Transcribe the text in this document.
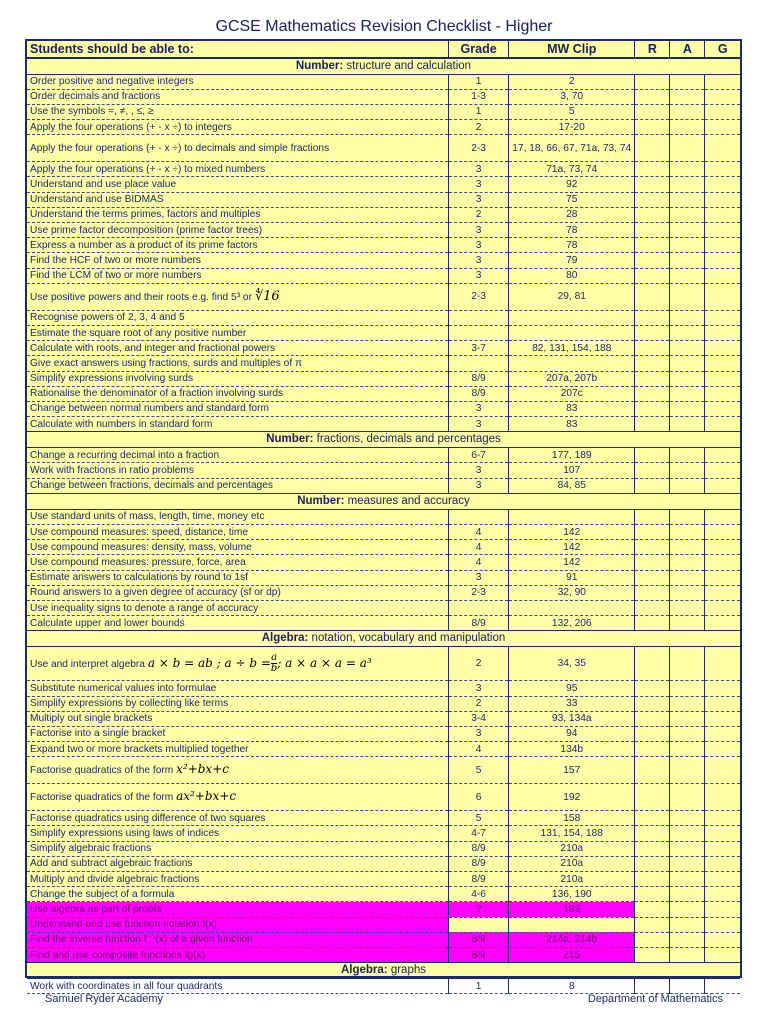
GCSE Mathematics Revision Checklist - Higher
Students should be able to:	Grade	MW Clip	R	A	G
Number: structure and calculation					
Order positive and negative integers	1	2			
Order decimals and fractions	1-3	3, 70			
Use the symbols =, ≠, , ≤, ≥	1	5			
Apply the four operations (+ - x ÷) to integers	2	17-20			
Apply the four operations (+ - x ÷) to decimals and simple fractions	2-3	17, 18, 66, 67, 71a, 73, 74			
Apply the four operations (+ - x ÷) to mixed numbers	3	71a, 73, 74			
Understand and use place value	3	92			
Understand and use BIDMAS	3	75			
Understand the terms primes, factors and multiples	2	28			
Use prime factor decomposition (prime factor trees)	3	78			
Express a number as a product of its prime factors	3	78			
Find the HCF of two or more numbers	3	79			
Find the LCM of two or more numbers	3	80			
Use positive powers and their roots e.g. find 5³ or ∜16	2-3	29, 81			
Recognise powers of 2, 3, 4 and 5					
Estimate the square root of any positive number					
Calculate with roots, and integer and fractional powers	3-7	82, 131, 154, 188			
Give exact answers using fractions, surds and multiples of π					
Simplify expressions involving surds	8/9	207a, 207b			
Rationalise the denominator of a fraction involving surds	8/9	207c			
Change between normal numbers and standard form	3	83			
Calculate with numbers in standard form	3	83			
Number: fractions, decimals and percentages					
Change a recurring decimal into a fraction	6-7	177, 189			
Work with fractions in ratio problems	3	107			
Change between fractions, decimals and percentages	3	84, 85			
Number: measures and accuracy					
Use standard units of mass, length, time, money etc					
Use compound measures: speed, distance, time	4	142			
Use compound measures: density, mass, volume	4	142			
Use compound measures: pressure, force, area	4	142			
Estimate answers to calculations by round to 1sf	3	91			
Round answers to a given degree of accuracy (sf or dp)	2-3	32, 90			
Use inequality signs to denote a range of accuracy					
Calculate upper and lower bounds	8/9	132, 206			
Algebra: notation, vocabulary and manipulation					
Use and interpret algebra a × b = ab ; $a \div b = \frac{a}{b}$ ; a × a × a = a³	2	34, 35			
Substitute numerical values into formulae	3	95			
Simplify expressions by collecting like terms	2	33			
Multiply out single brackets	3-4	93, 134a			
Factorise into a single bracket	3	94			
Expand two or more brackets multiplied together	4	134b			
Factorise quadratics of the form x²+bx+c	5	157			
Factorise quadratics of the form ax²+bx+c	6	192			
Factorise quadratics using difference of two squares	5	158			
Simplify expressions using laws of indices	4-7	131, 154, 188			
Simplify algebraic fractions	8/9	210a			
Add and subtract algebraic fractions	8/9	210a			
Multiply and divide algebraic fractions	8/9	210a			
Change the subject of a formula	4-6	136, 190			
Use algebra as part of proofs	?	193			
Understand and use function notation f(x)					
Find the inverse function f⁻¹(x) of a given function	8/9	214a, 214b			
Find and use composite functions fg(x)	8/9	215			
Algebra: graphs					
Work with coordinates in all four quadrants	1	8			
Samuel Ryder Academy	Department of Mathematics
